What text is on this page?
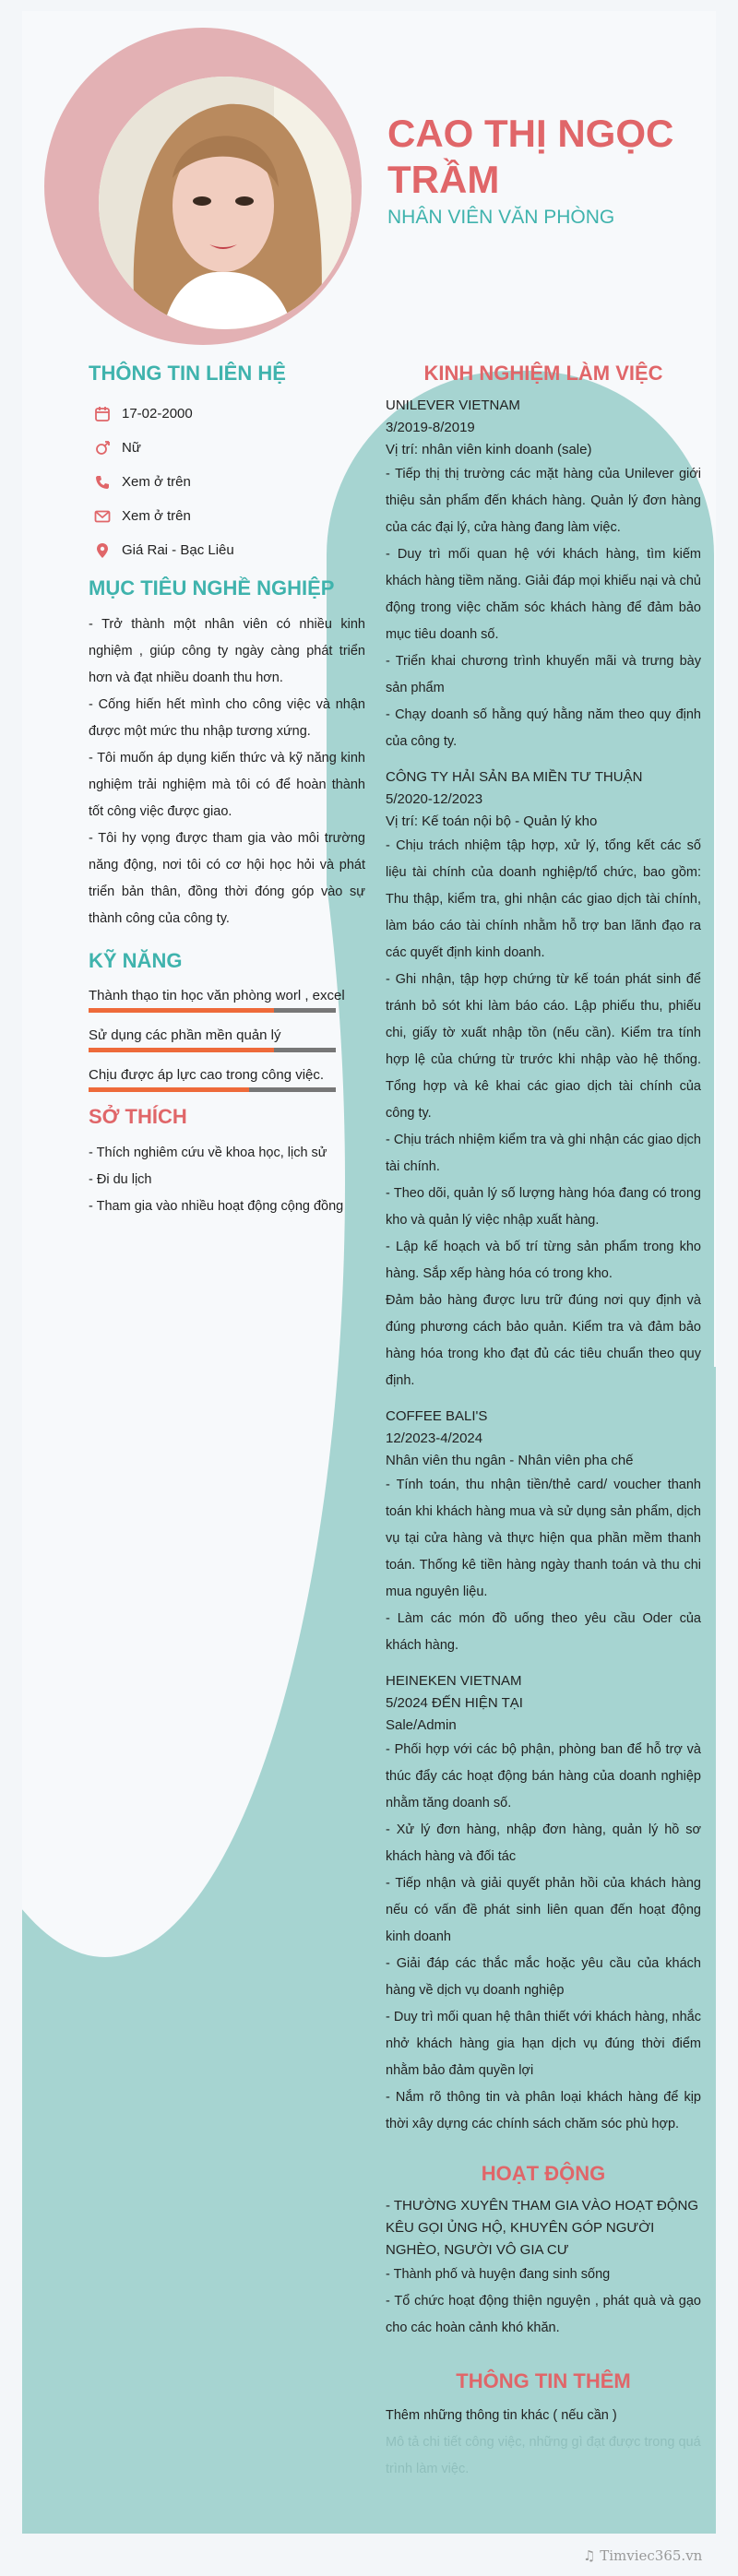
CAO THỊ NGỌC TRẦM
NHÂN VIÊN VĂN PHÒNG
THÔNG TIN LIÊN HỆ
17-02-2000
Nữ
Xem ở trên
Xem ở trên
Giá Rai - Bạc Liêu
MỤC TIÊU NGHỀ NGHIỆP

- Trở thành một nhân viên có nhiều kinh nghiệm , giúp công ty ngày càng phát triển hơn và đạt nhiều doanh thu hơn.

- Cống hiến hết mình cho công việc và nhận được một mức thu nhập tương xứng.

- Tôi muốn áp dụng kiến thức và kỹ năng kinh nghiệm trải nghiệm mà tôi có để hoàn thành tốt công việc được giao.

- Tôi hy vọng được tham gia vào môi trường năng động, nơi tôi có cơ hội học hỏi và phát triển bản thân, đồng thời đóng góp vào sự thành công của công ty.

KỸ NĂNG
Thành thạo tin học văn phòng worl , excel
Sử dụng các phần mền quản lý
Chịu được áp lực cao trong công việc.
SỞ THÍCH

- Thích nghiêm cứu về khoa học, lịch sử

- Đi du lịch

- Tham gia vào nhiều hoạt động cộng đồng

KINH NGHIỆM LÀM VIỆC

UNILEVER VIETNAM

3/2019-8/2019

Vị trí: nhân viên kinh doanh (sale)

- Tiếp thị thị trường các mặt hàng của Unilever giới thiệu sản phẩm đến khách hàng. Quản lý đơn hàng của các đại lý, cửa hàng đang làm việc.

- Duy trì mối quan hệ với khách hàng, tìm kiếm khách hàng tiềm năng. Giải đáp mọi khiếu nại và chủ động trong việc chăm sóc khách hàng để đảm bảo mục tiêu doanh số.

- Triển khai chương trình khuyến mãi và trưng bày sản phẩm

- Chạy doanh số hằng quý hằng năm theo quy định của công ty.

CÔNG TY HẢI SẢN BA MIỀN TƯ THUẬN

5/2020-12/2023

Vị trí: Kế toán nội bộ - Quản lý kho

- Chịu trách nhiệm tập hợp, xử lý, tổng kết các số liệu tài chính của doanh nghiệp/tổ chức, bao gồm: Thu thập, kiểm tra, ghi nhận các giao dịch tài chính, làm báo cáo tài chính nhằm hỗ trợ ban lãnh đạo ra các quyết định kinh doanh.

- Ghi nhận, tập hợp chứng từ kế toán phát sinh để tránh bỏ sót khi làm báo cáo. Lập phiếu thu, phiếu chi, giấy tờ xuất nhập tồn (nếu cần). Kiểm tra tính hợp lệ của chứng từ trước khi nhập vào hệ thống. Tổng hợp và kê khai các giao dịch tài chính của công ty.

- Chịu trách nhiệm kiểm tra và ghi nhận các giao dịch tài chính.

- Theo dõi, quản lý số lượng hàng hóa đang có trong kho và quản lý việc nhập xuất hàng.

- Lập kế hoạch và bố trí từng sản phẩm trong kho hàng. Sắp xếp hàng hóa có trong kho.

Đảm bảo hàng được lưu trữ đúng nơi quy định và đúng phương cách bảo quản. Kiểm tra và đảm bảo hàng hóa trong kho đạt đủ các tiêu chuẩn theo quy định.

COFFEE BALI'S

12/2023-4/2024

Nhân viên thu ngân - Nhân viên pha chế

- Tính toán, thu nhận tiền/thẻ card/ voucher thanh toán khi khách hàng mua và sử dụng sản phẩm, dịch vụ tại cửa hàng và thực hiện qua phần mềm thanh toán. Thống kê tiền hàng ngày thanh toán và thu chi mua nguyên liệu.

- Làm các món đồ uống theo yêu cầu Oder của khách hàng.

HEINEKEN VIETNAM

5/2024 ĐẾN HIỆN TẠI

Sale/Admin

- Phối hợp với các bộ phận, phòng ban để hỗ trợ và thúc đẩy các hoạt động bán hàng của doanh nghiệp nhằm tăng doanh số.

- Xử lý đơn hàng, nhập đơn hàng, quản lý hồ sơ khách hàng và đối tác

- Tiếp nhận và giải quyết phản hồi của khách hàng nếu có vấn đề phát sinh liên quan đến hoạt động kinh doanh

- Giải đáp các thắc mắc hoặc yêu cầu của khách hàng về dịch vụ doanh nghiệp

- Duy trì mối quan hệ thân thiết với khách hàng, nhắc nhở khách hàng gia hạn dịch vụ đúng thời điểm nhằm bảo đảm quyền lợi

- Nắm rõ thông tin và phân loại khách hàng để kịp thời xây dựng các chính sách chăm sóc phù hợp.

HOẠT ĐỘNG

- THƯỜNG XUYÊN THAM GIA VÀO HOẠT ĐỘNG KÊU GỌI ỦNG HỘ, KHUYÊN GÓP NGƯỜI NGHÈO, NGƯỜI VÔ GIA CƯ

- Thành phố và huyện đang sinh sống

- Tổ chức hoạt động thiện nguyện , phát quà và gạo cho các hoàn cảnh khó khăn.

THÔNG TIN THÊM

Thêm những thông tin khác ( nếu cần )

Mô tả chi tiết công việc, những gì đạt được trong quá trình làm việc.

♫ Timviec365.vn
